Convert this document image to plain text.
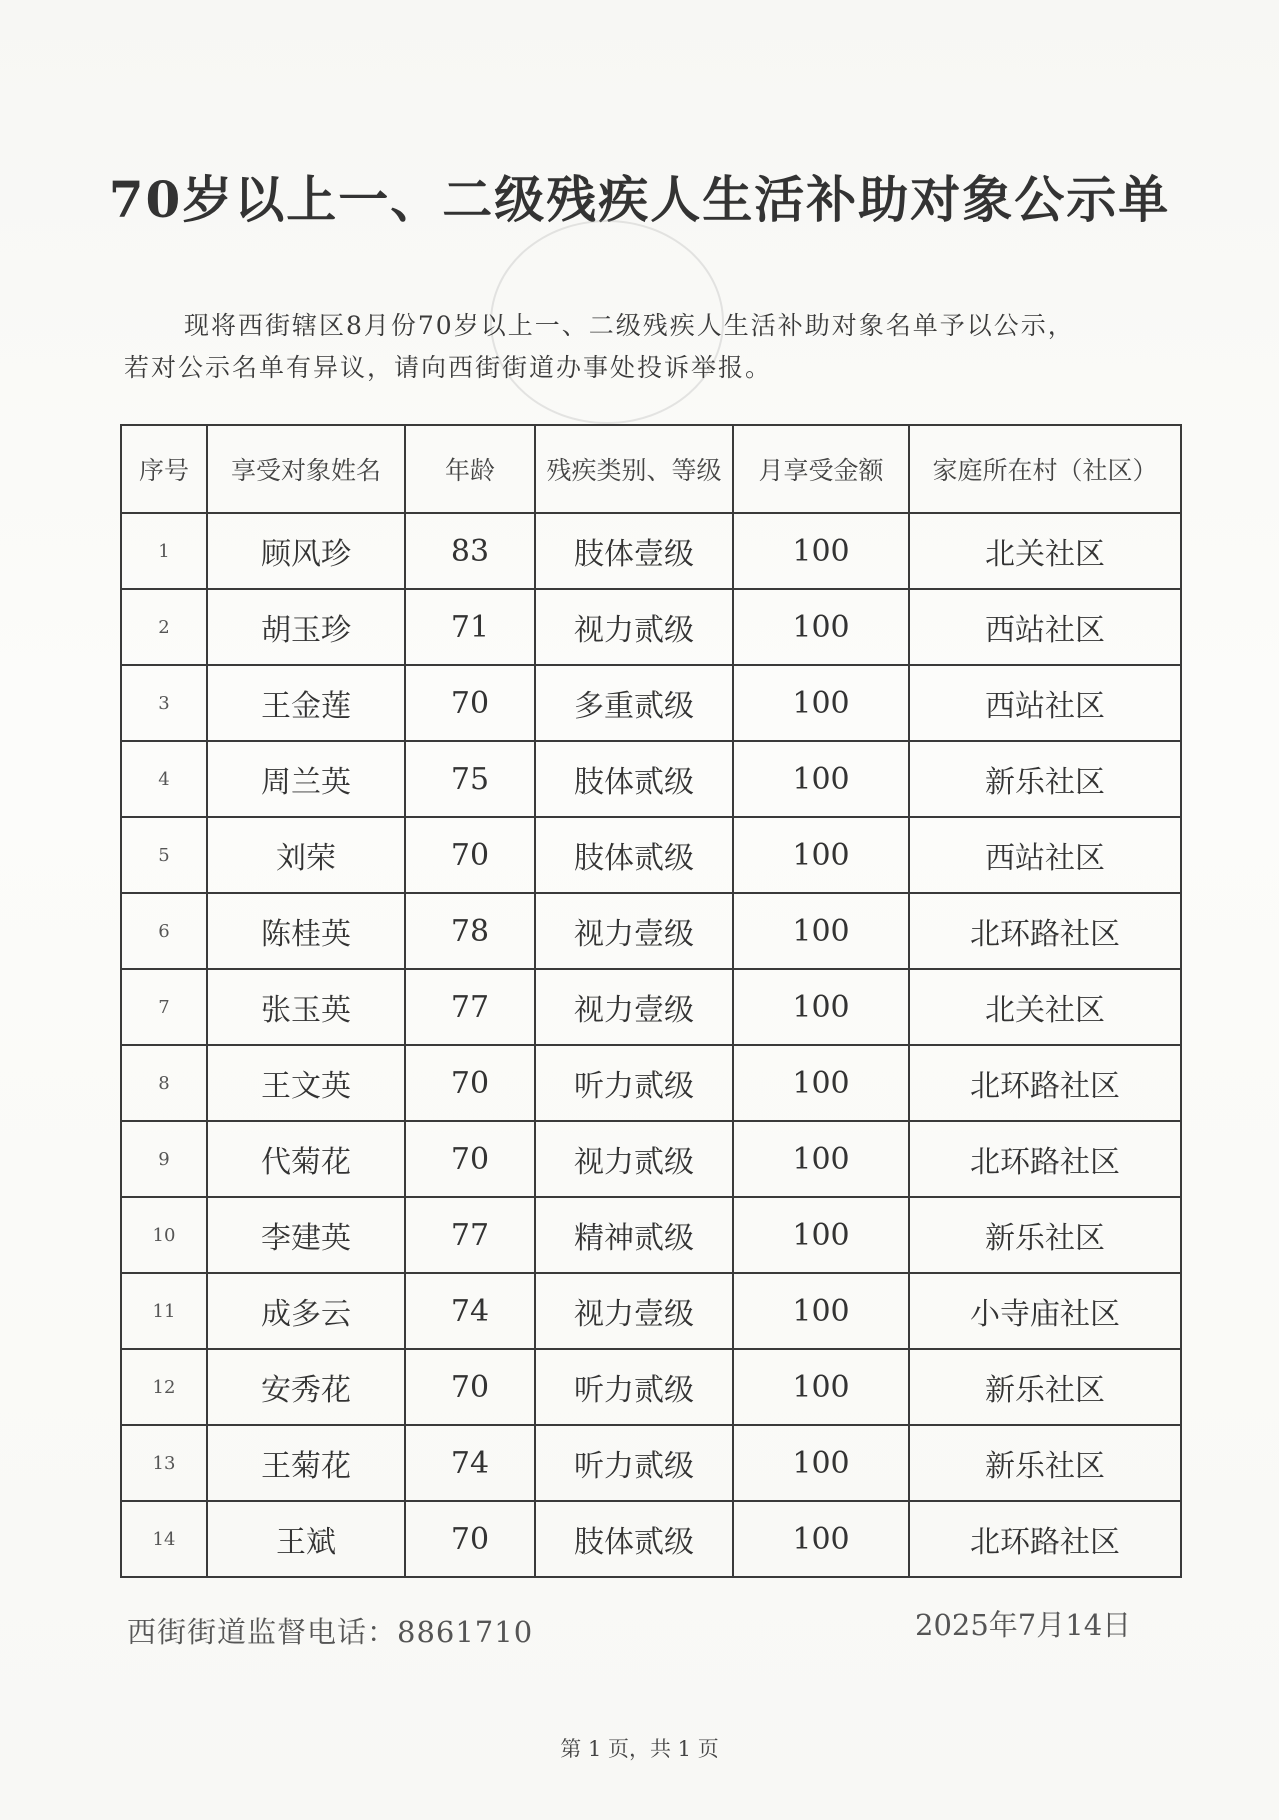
70岁以上一、二级残疾人生活补助对象公示单

现将西街辖区8月份70岁以上一、二级残疾人生活补助对象名单予以公示，

若对公示名单有异议，请向西街街道办事处投诉举报。

序号	享受对象姓名	年龄	残疾类别、等级	月享受金额	家庭所在村（社区）
1	顾风珍	83	肢体壹级	100	北关社区
2	胡玉珍	71	视力贰级	100	西站社区
3	王金莲	70	多重贰级	100	西站社区
4	周兰英	75	肢体贰级	100	新乐社区
5	刘荣	70	肢体贰级	100	西站社区
6	陈桂英	78	视力壹级	100	北环路社区
7	张玉英	77	视力壹级	100	北关社区
8	王文英	70	听力贰级	100	北环路社区
9	代菊花	70	视力贰级	100	北环路社区
10	李建英	77	精神贰级	100	新乐社区
11	成多云	74	视力壹级	100	小寺庙社区
12	安秀花	70	听力贰级	100	新乐社区
13	王菊花	74	听力贰级	100	新乐社区
14	王斌	70	肢体贰级	100	北环路社区
西街街道监督电话：8861710	2025年7月14日
第 1 页，共 1 页
